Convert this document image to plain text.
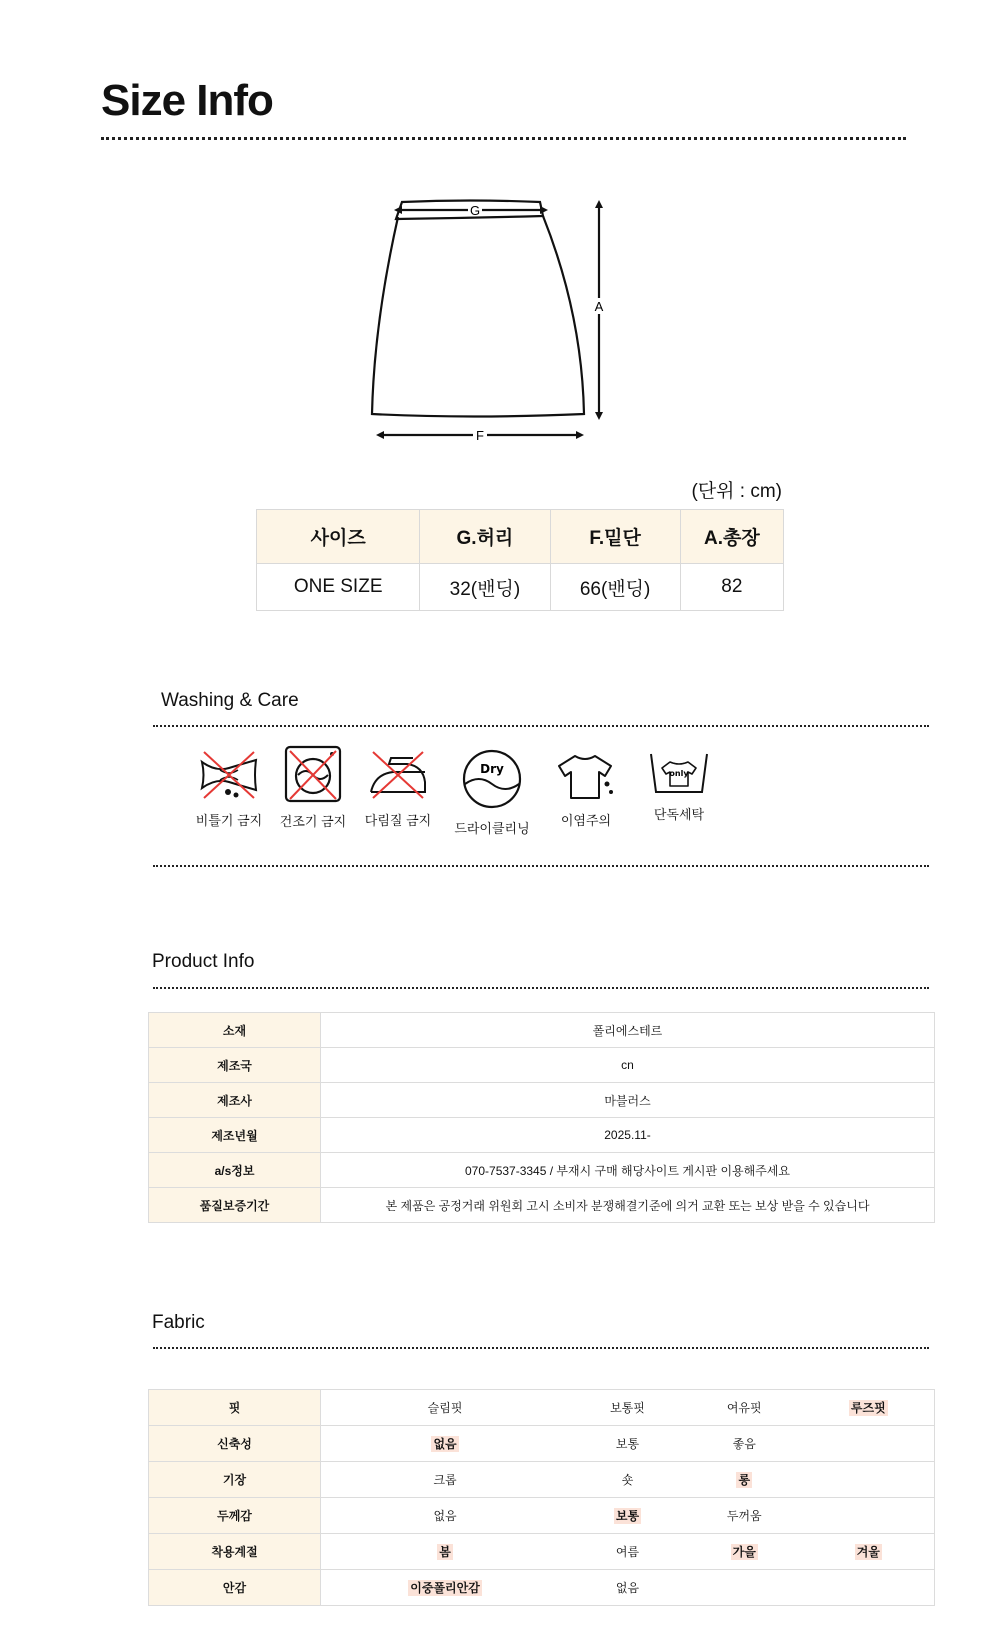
Size Info
G
A
F
(단위 : cm)
사이즈	G.허리	F.밑단	A.총장
ONE SIZE	32(밴딩)	66(밴딩)	82
Washing & Care
비틀기 금지	건조기 금지	다림질 금지
Dry
드라이클리닝
이염주의
only
단독세탁
Product Info
소재	폴리에스테르
제조국	cn
제조사	마블러스
제조년월	2025.11-
a/s정보	070-7537-3345 / 부재시 구매 해당사이트 게시판 이용해주세요
품질보증기간	본 제품은 공정거래 위원회 고시 소비자 분쟁해결기준에 의거 교환 또는 보상 받을 수 있습니다
Fabric
핏	슬림핏	보통핏	여유핏	루즈핏
신축성	없음	보통	좋음	
기장	크롭	숏	롱	
두께감	없음	보통	두꺼움	
착용계절	봄	여름	가을	겨울
안감	이중폴리안감	없음		
